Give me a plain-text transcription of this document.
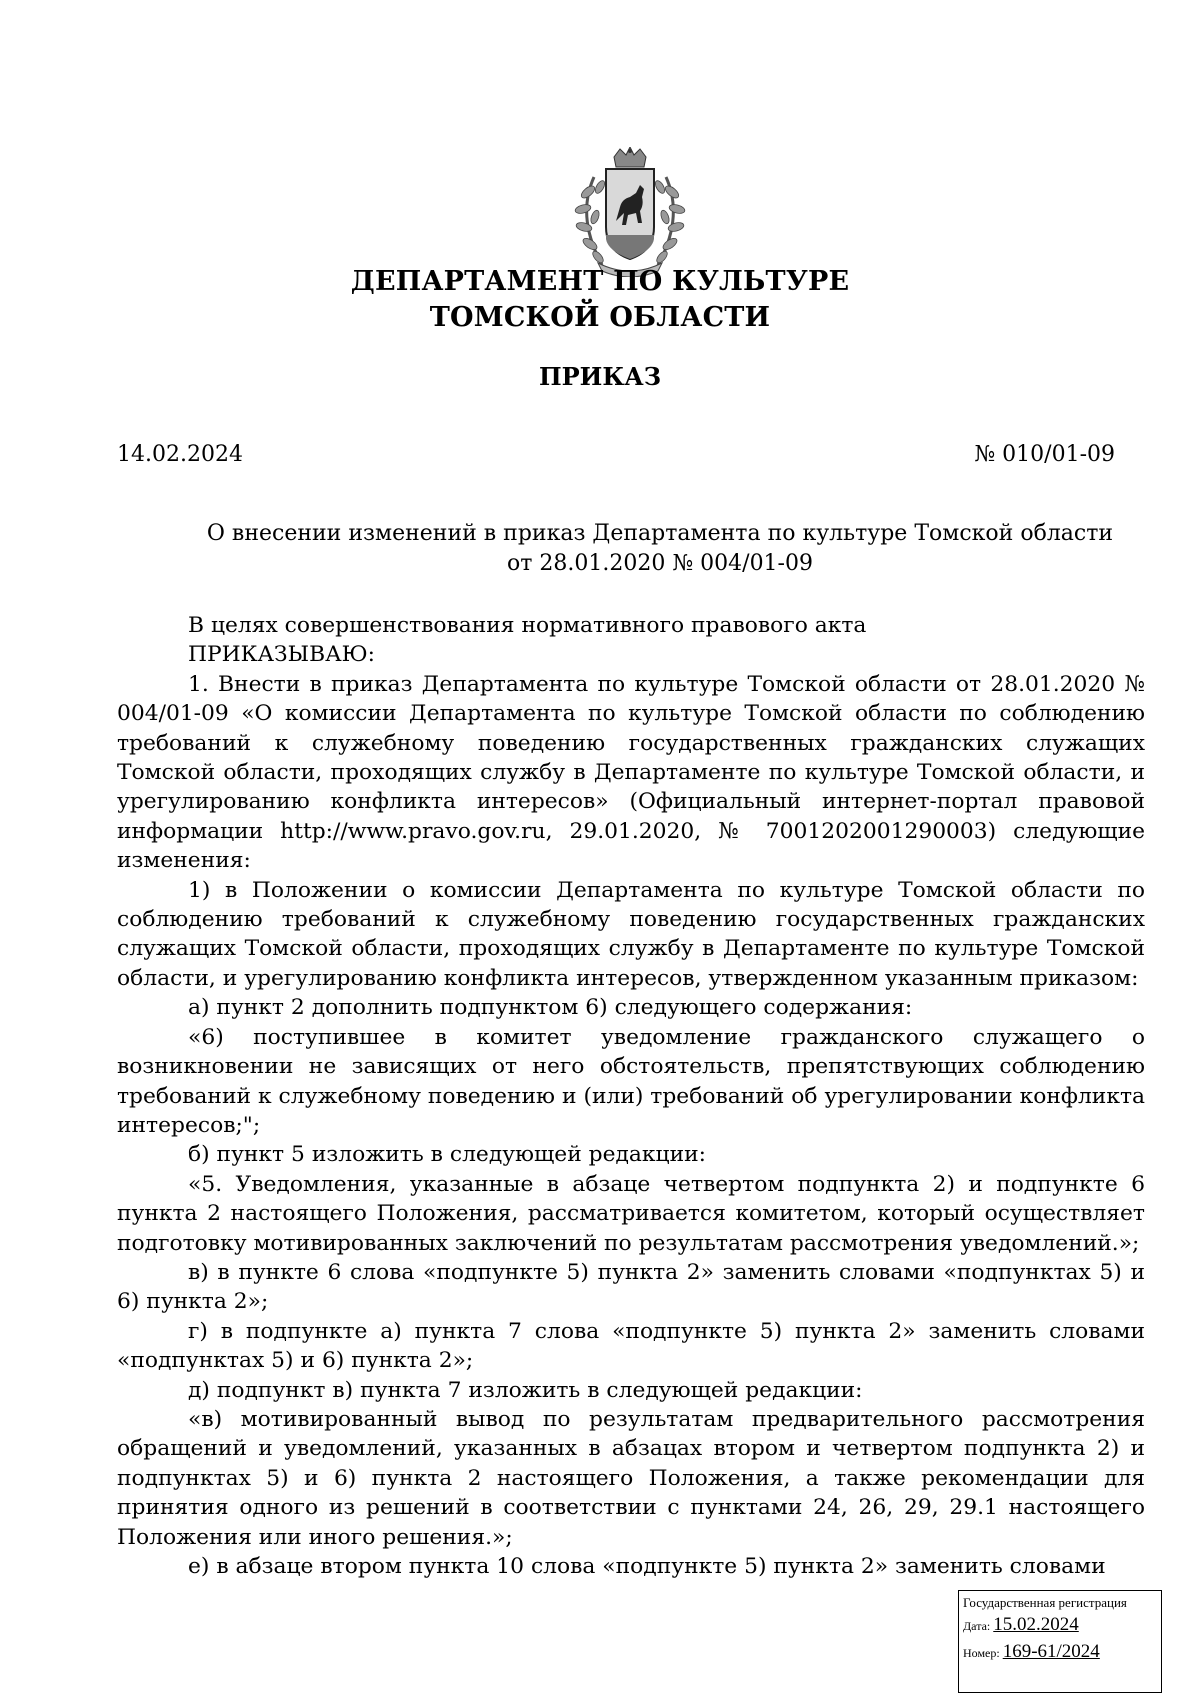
ДЕПАРТАМЕНТ ПО КУЛЬТУРЕ
ТОМСКОЙ ОБЛАСТИ
ПРИКАЗ
14.02.2024	№ 010/01-09
О внесении изменений в приказ Департамента по культуре Томской области
от 28.01.2020 № 004/01-09

В целях совершенствования нормативного правового акта

ПРИКАЗЫВАЮ:

1. Внести в приказ Департамента по культуре Томской области от 28.01.2020 № 004/01-09 «О комиссии Департамента по культуре Томской области по соблюдению требований к служебному поведению государственных гражданских служащих Томской области, проходящих службу в Департаменте по культуре Томской области, и урегулированию конфликта интересов» (Официальный интернет-портал правовой информации http://www.pravo.gov.ru, 29.01.2020, № 7001202001290003) следующие изменения:

1) в Положении о комиссии Департамента по культуре Томской области по соблюдению требований к служебному поведению государственных гражданских служащих Томской области, проходящих службу в Департаменте по культуре Томской области, и урегулированию конфликта интересов, утвержденном указанным приказом:

а) пункт 2 дополнить подпунктом 6) следующего содержания:

«6) поступившее в комитет уведомление гражданского служащего о возникновении не зависящих от него обстоятельств, препятствующих соблюдению требований к служебному поведению и (или) требований об урегулировании конфликта интересов;";

б) пункт 5 изложить в следующей редакции:

«5. Уведомления, указанные в абзаце четвертом подпункта 2) и подпункте 6 пункта 2 настоящего Положения, рассматривается комитетом, который осуществляет подготовку мотивированных заключений по результатам рассмотрения уведомлений.»;

в) в пункте 6 слова «подпункте 5) пункта 2» заменить словами «подпунктах 5) и 6) пункта 2»;

г) в подпункте а) пункта 7 слова «подпункте 5) пункта 2» заменить словами «подпунктах 5) и 6) пункта 2»;

д) подпункт в) пункта 7 изложить в следующей редакции:

«в) мотивированный вывод по результатам предварительного рассмотрения обращений и уведомлений, указанных в абзацах втором и четвертом подпункта 2) и подпунктах 5) и 6) пункта 2 настоящего Положения, а также рекомендации для принятия одного из решений в соответствии с пунктами 24, 26, 29, 29.1 настоящего Положения или иного решения.»;

е) в абзаце втором пункта 10 слова «подпункте 5) пункта 2» заменить словами

Государственная регистрация
Дата: 15.02.2024
Номер: 169-61/2024
